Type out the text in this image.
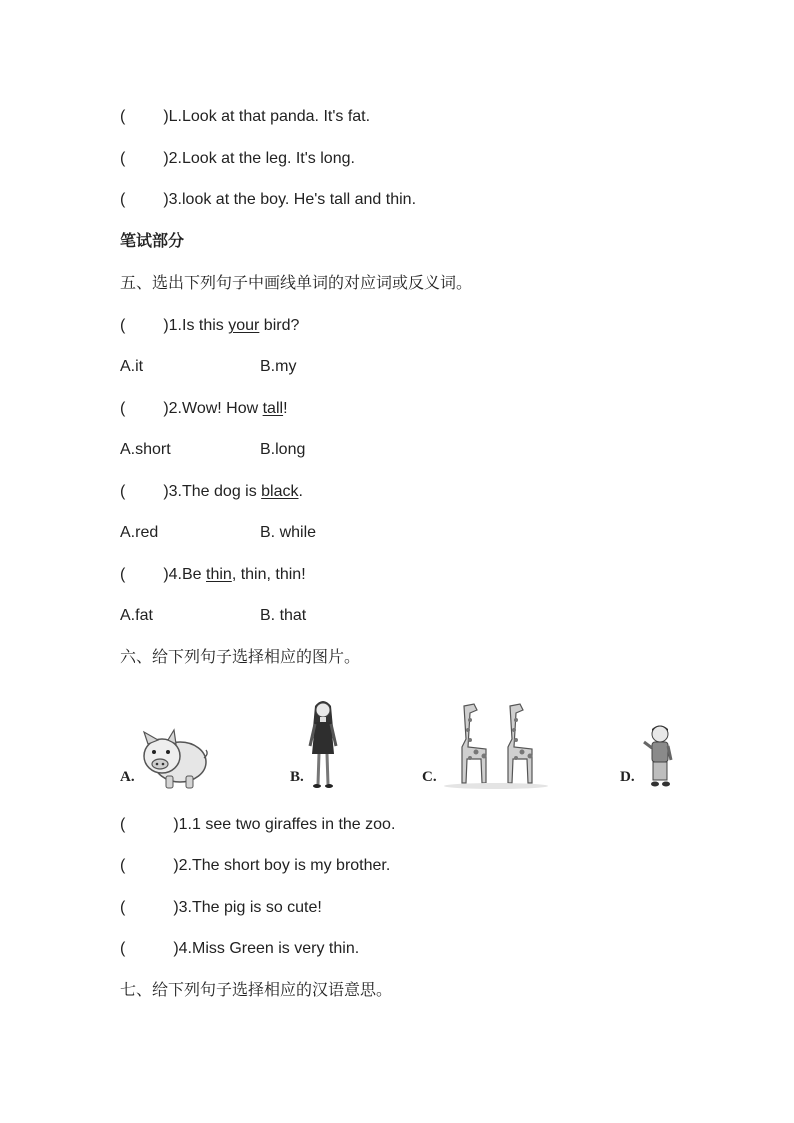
( )L.Look at that panda. It's fat.
( )2.Look at the leg. It's long.
( )3.look at the boy. He's tall and thin.
笔试部分
五、选出下列句子中画线单词的对应词或反义词。
( )1.Is this your bird?
A.it	B.my
( )2.Wow! How tall!
A.short	B.long
( )3.The dog is black.
A.red	B. while
( )4.Be thin, thin, thin!
A.fat	B. that
六、给下列句子选择相应的图片。
A.	B.	C.	D.
(	)1.1 see two giraffes in the zoo.
(	)2.The short boy is my brother.
(	)3.The pig is so cute!
(	)4.Miss Green is very thin.
七、给下列句子选择相应的汉语意思。
